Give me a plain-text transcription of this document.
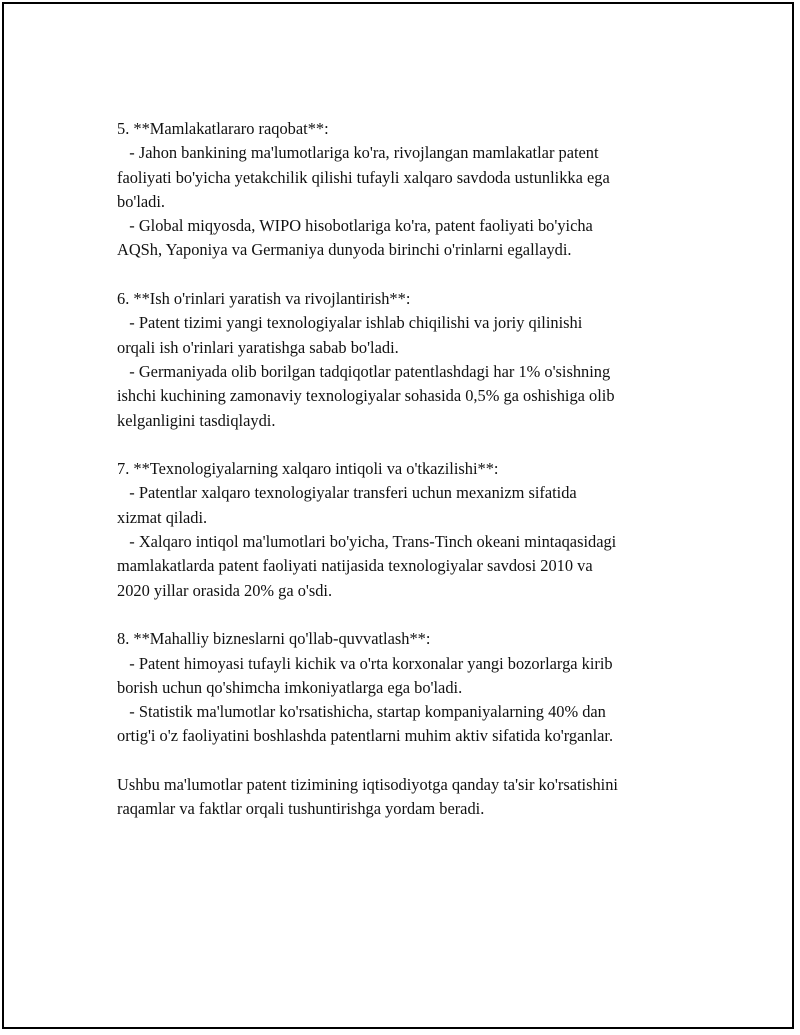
5. **Mamlakatlararo raqobat**:
- Jahon bankining ma'lumotlariga ko'ra, rivojlangan mamlakatlar patent
faoliyati bo'yicha yetakchilik qilishi tufayli xalqaro savdoda ustunlikka ega
bo'ladi.
- Global miqyosda, WIPO hisobotlariga ko'ra, patent faoliyati bo'yicha
AQSh, Yaponiya va Germaniya dunyoda birinchi o'rinlarni egallaydi.
6. **Ish o'rinlari yaratish va rivojlantirish**:
- Patent tizimi yangi texnologiyalar ishlab chiqilishi va joriy qilinishi
orqali ish o'rinlari yaratishga sabab bo'ladi.
- Germaniyada olib borilgan tadqiqotlar patentlashdagi har 1% o'sishning
ishchi kuchining zamonaviy texnologiyalar sohasida 0,5% ga oshishiga olib
kelganligini tasdiqlaydi.
7. **Texnologiyalarning xalqaro intiqoli va o'tkazilishi**:
- Patentlar xalqaro texnologiyalar transferi uchun mexanizm sifatida
xizmat qiladi.
- Xalqaro intiqol ma'lumotlari bo'yicha, Trans-Tinch okeani mintaqasidagi
mamlakatlarda patent faoliyati natijasida texnologiyalar savdosi 2010 va
2020 yillar orasida 20% ga o'sdi.
8. **Mahalliy bizneslarni qo'llab-quvvatlash**:
- Patent himoyasi tufayli kichik va o'rta korxonalar yangi bozorlarga kirib
borish uchun qo'shimcha imkoniyatlarga ega bo'ladi.
- Statistik ma'lumotlar ko'rsatishicha, startap kompaniyalarning 40% dan
ortig'i o'z faoliyatini boshlashda patentlarni muhim aktiv sifatida ko'rganlar.
Ushbu ma'lumotlar patent tizimining iqtisodiyotga qanday ta'sir ko'rsatishini
raqamlar va faktlar orqali tushuntirishga yordam beradi.
